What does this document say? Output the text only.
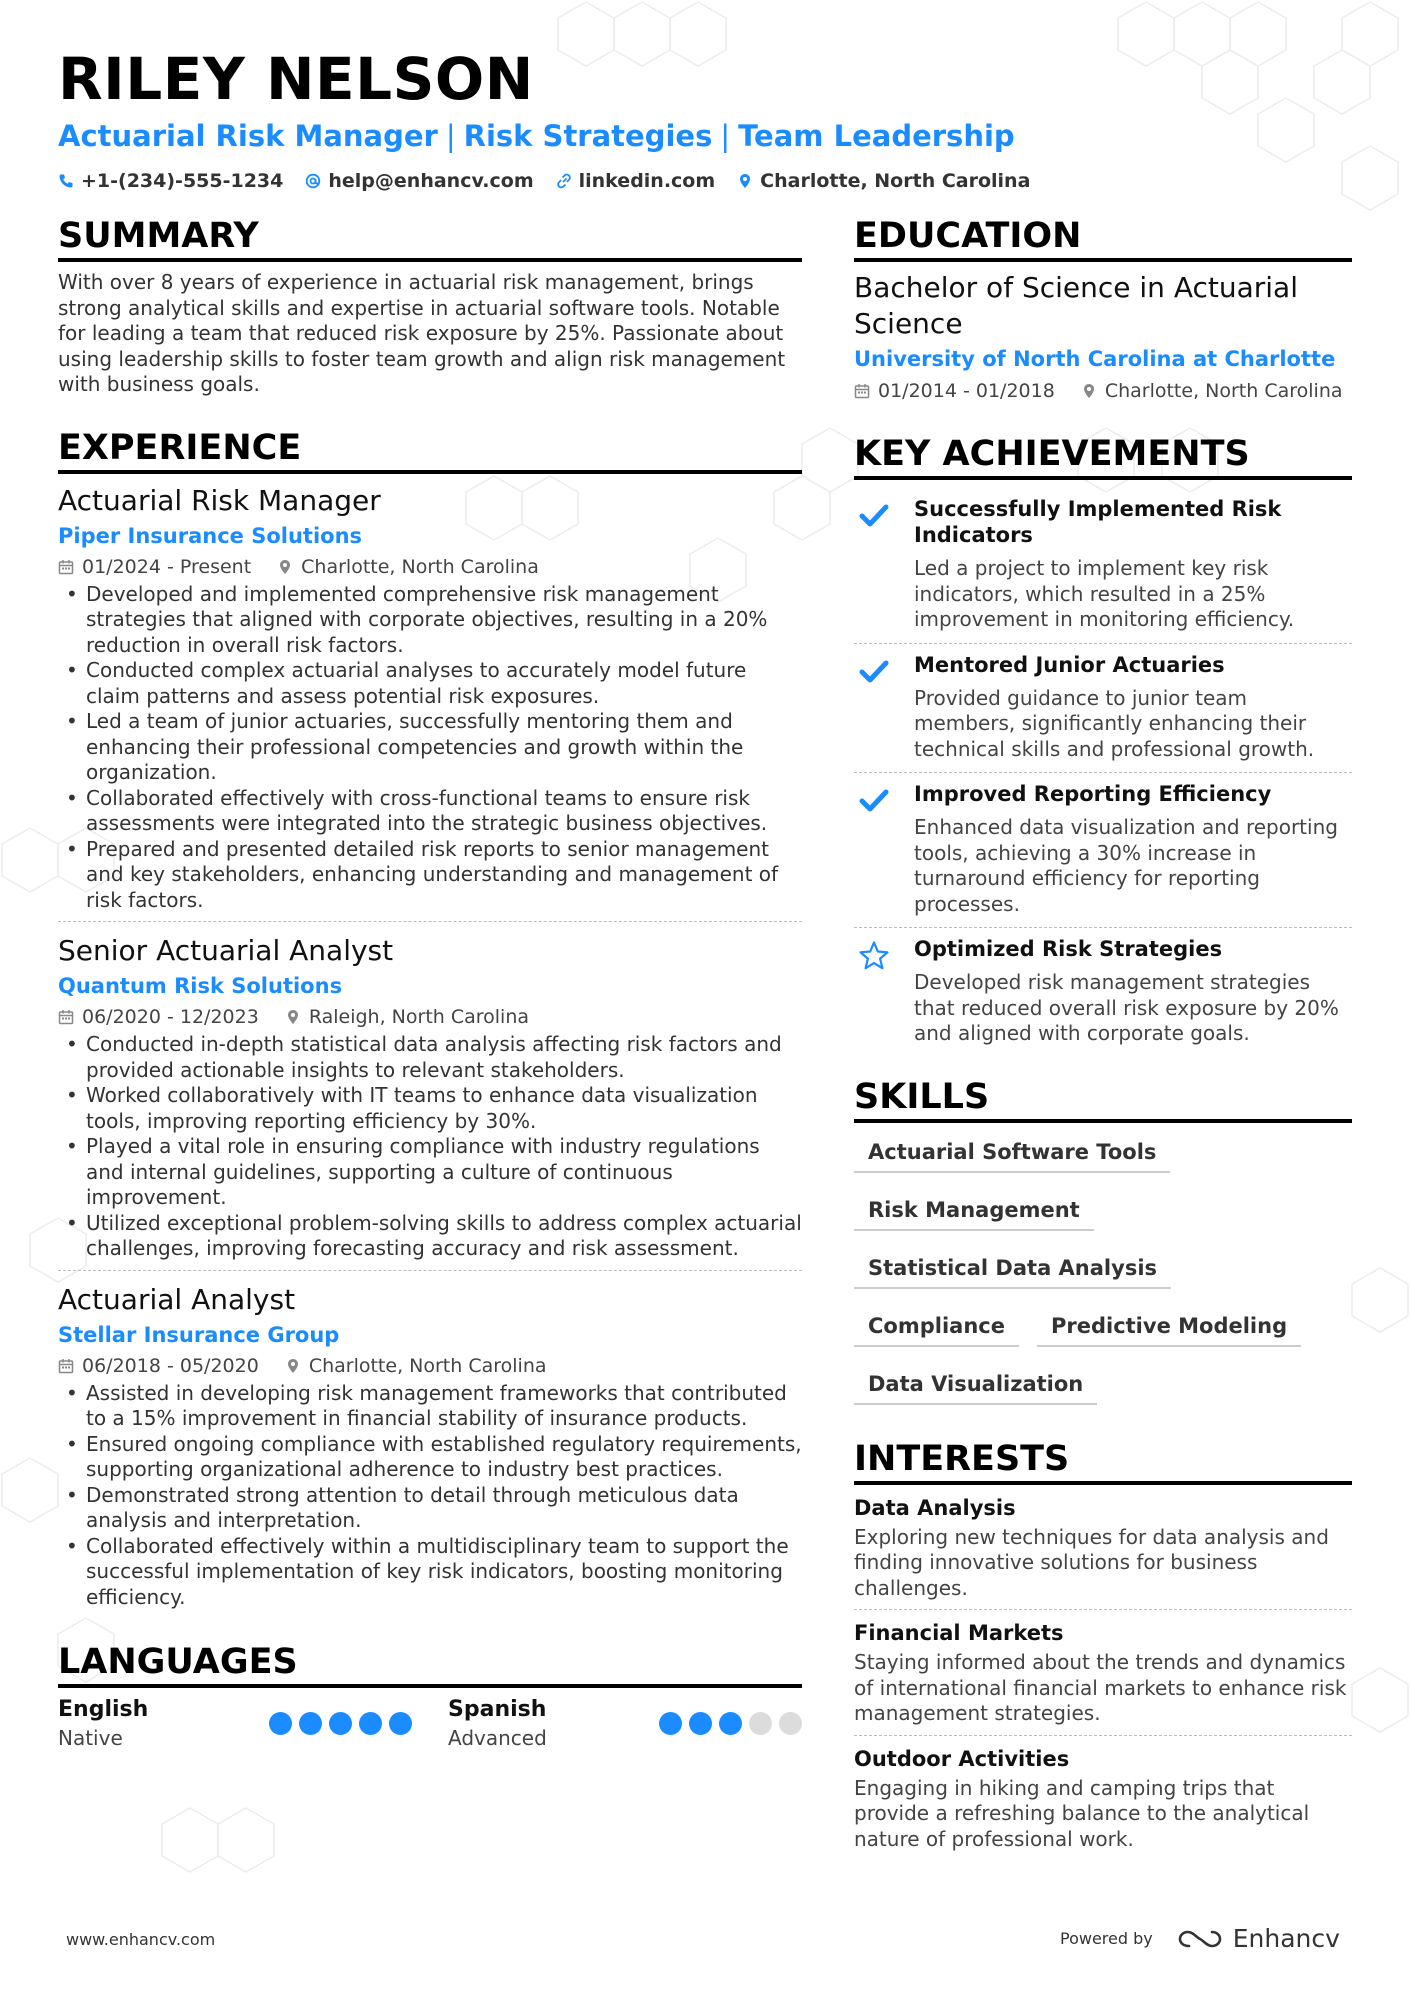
RILEY NELSON
Actuarial Risk Manager | Risk Strategies | Team Leadership
+1-(234)-555-1234 help@enhancv.com linkedin.com Charlotte, North Carolina
SUMMARY

With over 8 years of experience in actuarial risk management, brings strong analytical skills and expertise in actuarial software tools. Notable for leading a team that reduced risk exposure by 25%. Passionate about using leadership skills to foster team growth and align risk management with business goals.

EXPERIENCE
Actuarial Risk Manager
Piper Insurance Solutions
01/2024 - Present	Charlotte, North Carolina
• Developed and implemented comprehensive risk management strategies that aligned with corporate objectives, resulting in a 20% reduction in overall risk factors.
• Conducted complex actuarial analyses to accurately model future claim patterns and assess potential risk exposures.
• Led a team of junior actuaries, successfully mentoring them and enhancing their professional competencies and growth within the organization.
• Collaborated effectively with cross-functional teams to ensure risk assessments were integrated into the strategic business objectives.
• Prepared and presented detailed risk reports to senior management and key stakeholders, enhancing understanding and management of risk factors.
Senior Actuarial Analyst
Quantum Risk Solutions
06/2020 - 12/2023	Raleigh, North Carolina
• Conducted in-depth statistical data analysis affecting risk factors and provided actionable insights to relevant stakeholders.
• Worked collaboratively with IT teams to enhance data visualization tools, improving reporting efficiency by 30%.
• Played a vital role in ensuring compliance with industry regulations and internal guidelines, supporting a culture of continuous improvement.
• Utilized exceptional problem-solving skills to address complex actuarial challenges, improving forecasting accuracy and risk assessment.
Actuarial Analyst
Stellar Insurance Group
06/2018 - 05/2020	Charlotte, North Carolina
• Assisted in developing risk management frameworks that contributed to a 15% improvement in financial stability of insurance products.
• Ensured ongoing compliance with established regulatory requirements, supporting organizational adherence to industry best practices.
• Demonstrated strong attention to detail through meticulous data analysis and interpretation.
• Collaborated effectively within a multidisciplinary team to support the successful implementation of key risk indicators, boosting monitoring efficiency.
LANGUAGES
English
Native
Spanish
Advanced
EDUCATION
Bachelor of Science in Actuarial Science
University of North Carolina at Charlotte
01/2014 - 01/2018	Charlotte, North Carolina
KEY ACHIEVEMENTS
Successfully Implemented Risk Indicators
Led a project to implement key risk indicators, which resulted in a 25% improvement in monitoring efficiency.
Mentored Junior Actuaries
Provided guidance to junior team members, significantly enhancing their technical skills and professional growth.
Improved Reporting Efficiency
Enhanced data visualization and reporting tools, achieving a 30% increase in turnaround efficiency for reporting processes.
Optimized Risk Strategies
Developed risk management strategies that reduced overall risk exposure by 20% and aligned with corporate goals.
SKILLS
Actuarial Software Tools
Risk Management
Statistical Data Analysis
Compliance	Predictive Modeling
Data Visualization
INTERESTS
Data Analysis
Exploring new techniques for data analysis and finding innovative solutions for business challenges.
Financial Markets
Staying informed about the trends and dynamics of international financial markets to enhance risk management strategies.
Outdoor Activities
Engaging in hiking and camping trips that provide a refreshing balance to the analytical nature of professional work.
www.enhancv.com	Powered by	Enhancv
